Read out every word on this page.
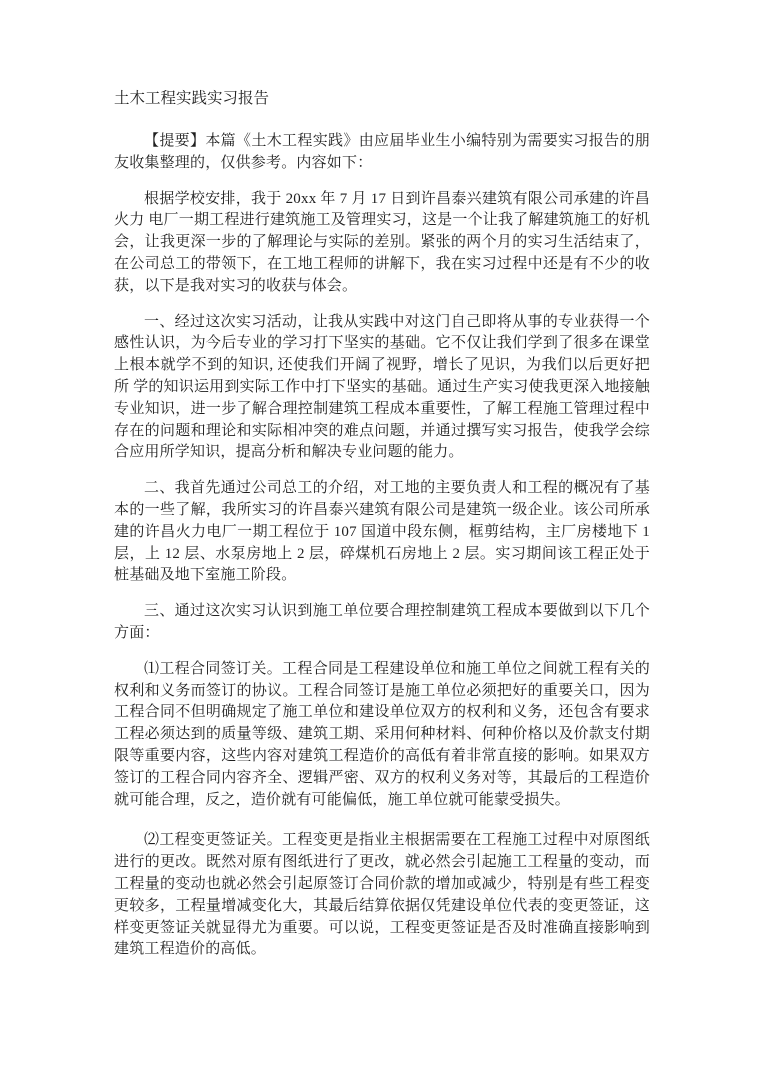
土木工程实践实习报告

【提要】本篇《土木工程实践》由应届毕业生小编特别为需要实习报告的朋友收集整理的，仅供参考。内容如下：

根据学校安排，我于 20xx 年 7 月 17 日到许昌泰兴建筑有限公司承建的许昌火力 电厂一期工程进行建筑施工及管理实习，这是一个让我了解建筑施工的好机会，让我更深一步的了解理论与实际的差别。紧张的两个月的实习生活结束了，在公司总工的带领下，在工地工程师的讲解下，我在实习过程中还是有不少的收获，以下是我对实习的收获与体会。

一、经过这次实习活动，让我从实践中对这门自己即将从事的专业获得一个感性认识，为今后专业的学习打下坚实的基础。它不仅让我们学到了很多在课堂上根本就学不到的知识, 还使我们开阔了视野，增长了见识，为我们以后更好把所 学的知识运用到实际工作中打下坚实的基础。通过生产实习使我更深入地接触专业知识，进一步了解合理控制建筑工程成本重要性，了解工程施工管理过程中存在的问题和理论和实际相冲突的难点问题，并通过撰写实习报告，使我学会综合应用所学知识，提高分析和解决专业问题的能力。

二、我首先通过公司总工的介绍，对工地的主要负责人和工程的概况有了基本的一些了解，我所实习的许昌泰兴建筑有限公司是建筑一级企业。该公司所承建的许昌火力电厂一期工程位于 107 国道中段东侧，框剪结构，主厂房楼地下 1 层，上 12 层、水泵房地上 2 层，碎煤机石房地上 2 层。实习期间该工程正处于桩基础及地下室施工阶段。

三、通过这次实习认识到施工单位要合理控制建筑工程成本要做到以下几个方面：

⑴工程合同签订关。工程合同是工程建设单位和施工单位之间就工程有关的权利和义务而签订的协议。工程合同签订是施工单位必须把好的重要关口，因为工程合同不但明确规定了施工单位和建设单位双方的权利和义务，还包含有要求工程必须达到的质量等级、建筑工期、采用何种材料、何种价格以及价款支付期限等重要内容，这些内容对建筑工程造价的高低有着非常直接的影响。如果双方签订的工程合同内容齐全、逻辑严密、双方的权利义务对等，其最后的工程造价就可能合理，反之，造价就有可能偏低，施工单位就可能蒙受损失。

⑵工程变更签证关。工程变更是指业主根据需要在工程施工过程中对原图纸进行的更改。既然对原有图纸进行了更改，就必然会引起施工工程量的变动，而工程量的变动也就必然会引起原签订合同价款的增加或减少，特别是有些工程变更较多，工程量增减变化大，其最后结算依据仅凭建设单位代表的变更签证，这样变更签证关就显得尤为重要。可以说，工程变更签证是否及时准确直接影响到建筑工程造价的高低。
